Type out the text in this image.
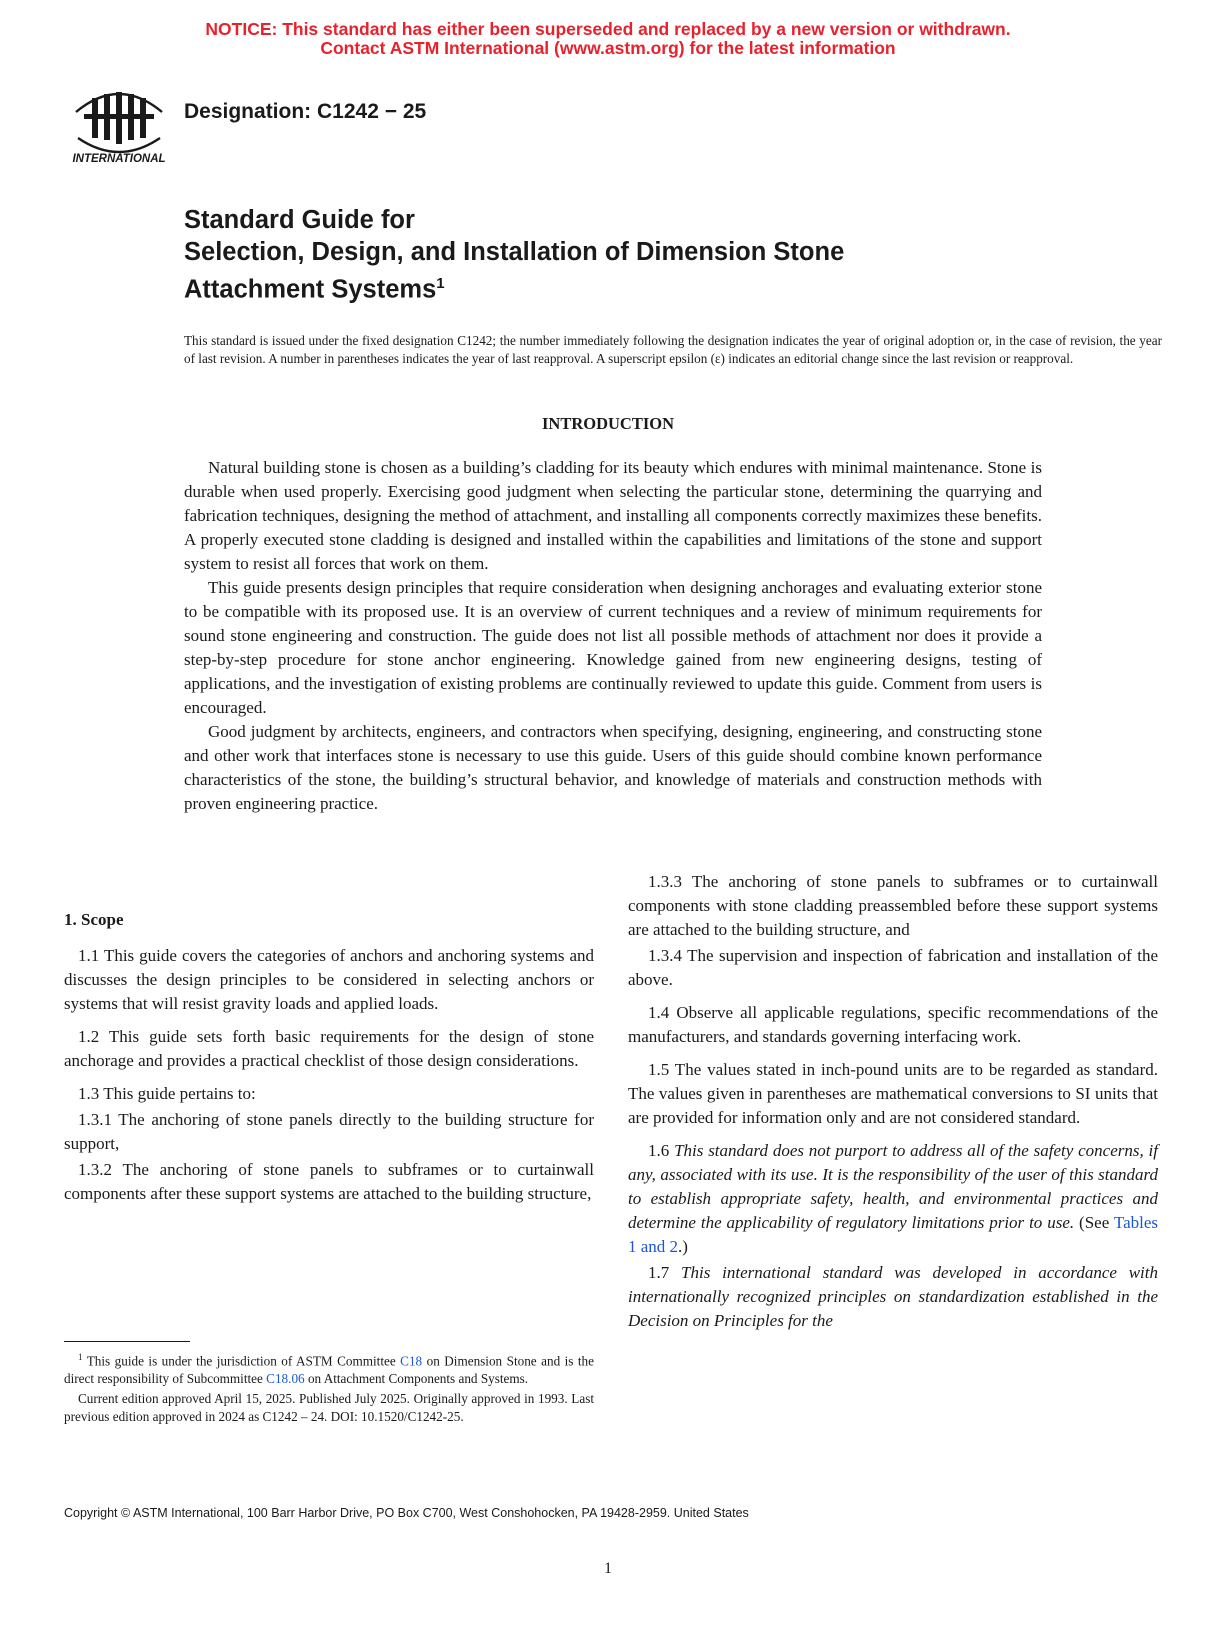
NOTICE: This standard has either been superseded and replaced by a new version or withdrawn.
Contact ASTM International (www.astm.org) for the latest information
INTERNATIONAL
Designation: C1242 − 25
Standard Guide for
Selection, Design, and Installation of Dimension Stone
Attachment Systems$^1$
This standard is issued under the fixed designation C1242; the number immediately following the designation indicates the year of original adoption or, in the case of revision, the year of last revision. A number in parentheses indicates the year of last reapproval. A superscript epsilon (ε) indicates an editorial change since the last revision or reapproval.
INTRODUCTION

Natural building stone is chosen as a building’s cladding for its beauty which endures with minimal maintenance. Stone is durable when used properly. Exercising good judgment when selecting the particular stone, determining the quarrying and fabrication techniques, designing the method of attachment, and installing all components correctly maximizes these benefits. A properly executed stone cladding is designed and installed within the capabilities and limitations of the stone and support system to resist all forces that work on them.

This guide presents design principles that require consideration when designing anchorages and evaluating exterior stone to be compatible with its proposed use. It is an overview of current techniques and a review of minimum requirements for sound stone engineering and construction. The guide does not list all possible methods of attachment nor does it provide a step-by-step procedure for stone anchor engineering. Knowledge gained from new engineering designs, testing of applications, and the investigation of existing problems are continually reviewed to update this guide. Comment from users is encouraged.

Good judgment by architects, engineers, and contractors when specifying, designing, engineering, and constructing stone and other work that interfaces stone is necessary to use this guide. Users of this guide should combine known performance characteristics of the stone, the building’s structural behavior, and knowledge of materials and construction methods with proven engineering practice.

1. Scope

1.1 This guide covers the categories of anchors and anchoring systems and discusses the design principles to be considered in selecting anchors or systems that will resist gravity loads and applied loads.

1.2 This guide sets forth basic requirements for the design of stone anchorage and provides a practical checklist of those design considerations.

1.3 This guide pertains to:

1.3.1 The anchoring of stone panels directly to the building structure for support,

1.3.2 The anchoring of stone panels to subframes or to curtainwall components after these support systems are attached to the building structure,

1.3.3 The anchoring of stone panels to subframes or to curtainwall components with stone cladding preassembled before these support systems are attached to the building structure, and

1.3.4 The supervision and inspection of fabrication and installation of the above.

1.4 Observe all applicable regulations, specific recommendations of the manufacturers, and standards governing interfacing work.

1.5 The values stated in inch-pound units are to be regarded as standard. The values given in parentheses are mathematical conversions to SI units that are provided for information only and are not considered standard.

1.6 This standard does not purport to address all of the safety concerns, if any, associated with its use. It is the responsibility of the user of this standard to establish appropriate safety, health, and environmental practices and determine the applicability of regulatory limitations prior to use. (See Tables 1 and 2.)

1.7 This international standard was developed in accordance with internationally recognized principles on standardization established in the Decision on Principles for the

$^1$ This guide is under the jurisdiction of ASTM Committee C18 on Dimension Stone and is the direct responsibility of Subcommittee C18.06 on Attachment Components and Systems.

Current edition approved April 15, 2025. Published July 2025. Originally approved in 1993. Last previous edition approved in 2024 as C1242 – 24. DOI: 10.1520/C1242-25.

Copyright © ASTM International, 100 Barr Harbor Drive, PO Box C700, West Conshohocken, PA 19428-2959. United States
1
